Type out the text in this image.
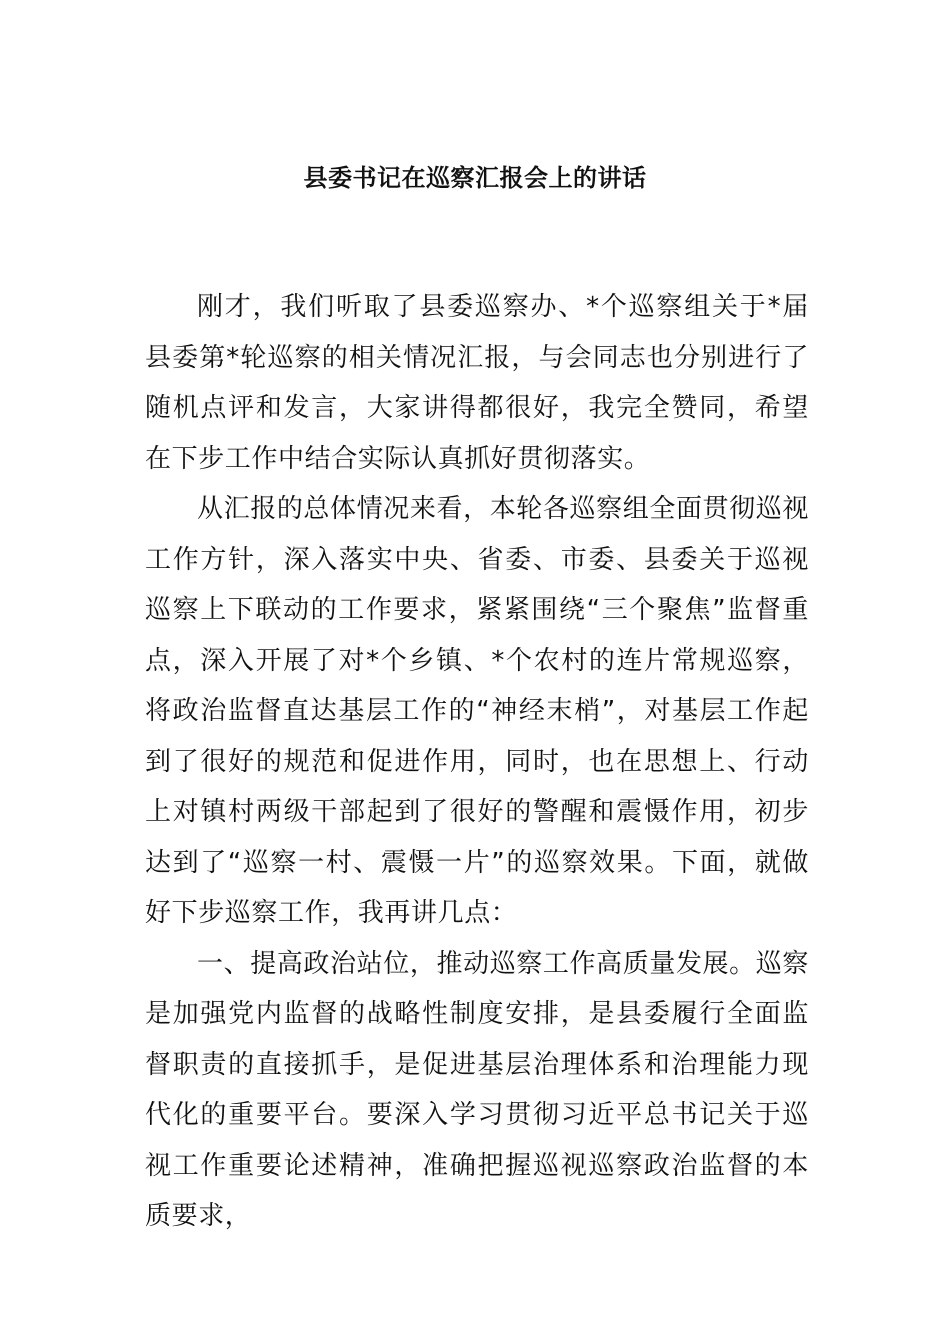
县委书记在巡察汇报会上的讲话

刚才，我们听取了县委巡察办、*个巡察组关于*届县委第*轮巡察的相关情况汇报，与会同志也分别进行了随机点评和发言，大家讲得都很好，我完全赞同，希望在下步工作中结合实际认真抓好贯彻落实。

从汇报的总体情况来看，本轮各巡察组全面贯彻巡视工作方针，深入落实中央、省委、市委、县委关于巡视巡察上下联动的工作要求，紧紧围绕“三个聚焦”监督重点，深入开展了对*个乡镇、*个农村的连片常规巡察，将政治监督直达基层工作的“神经末梢”，对基层工作起到了很好的规范和促进作用，同时，也在思想上、行动上对镇村两级干部起到了很好的警醒和震慑作用，初步达到了“巡察一村、震慑一片”的巡察效果。下面，就做好下步巡察工作，我再讲几点：

一、提高政治站位，推动巡察工作高质量发展。巡察是加强党内监督的战略性制度安排，是县委履行全面监督职责的直接抓手，是促进基层治理体系和治理能力现代化的重要平台。要深入学习贯彻习近平总书记关于巡视工作重要论述精神，准确把握巡视巡察政治监督的本质要求，
